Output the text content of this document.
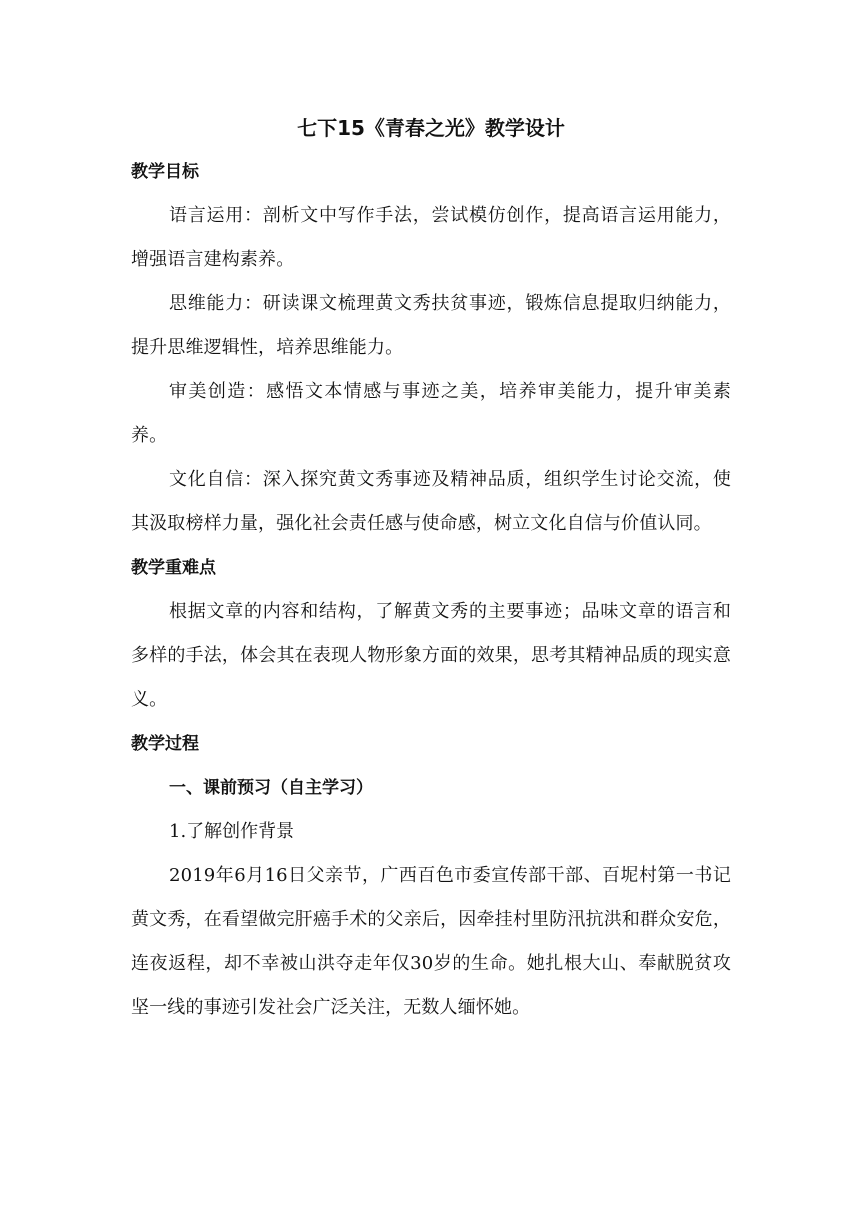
七下15《青春之光》教学设计
教学目标

语言运用：剖析文中写作手法，尝试模仿创作，提高语言运用能力，增强语言建构素养。

思维能力：研读课文梳理黄文秀扶贫事迹，锻炼信息提取归纳能力，提升思维逻辑性，培养思维能力。

审美创造：感悟文本情感与事迹之美，培养审美能力，提升审美素养。

文化自信：深入探究黄文秀事迹及精神品质，组织学生讨论交流，使其汲取榜样力量，强化社会责任感与使命感，树立文化自信与价值认同。

教学重难点

根据文章的内容和结构，了解黄文秀的主要事迹；品味文章的语言和多样的手法，体会其在表现人物形象方面的效果，思考其精神品质的现实意义。

教学过程
一、课前预习（自主学习）

1.了解创作背景

2019年6月16日父亲节，广西百色市委宣传部干部、百坭村第一书记黄文秀，在看望做完肝癌手术的父亲后，因牵挂村里防汛抗洪和群众安危，连夜返程，却不幸被山洪夺走年仅30岁的生命。她扎根大山、奉献脱贫攻坚一线的事迹引发社会广泛关注，无数人缅怀她。
